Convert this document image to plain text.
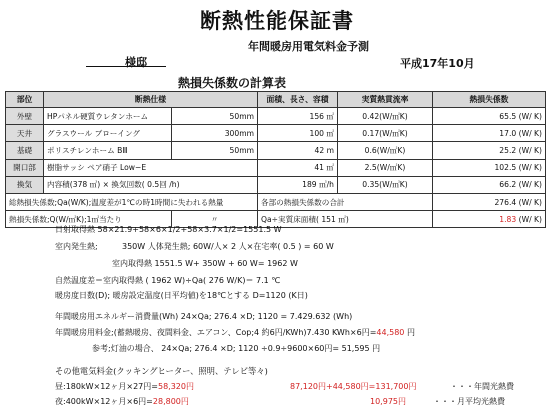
断熱性能保証書
年間暖房用電気料金予測
様邸	平成17年10月
熱損失係数の計算表
部位	断熱仕様		面積、長さ、容積	実質熱貫流率	熱損失係数
外壁	HPパネル硬質ウレタンホーム	50mm	156 ㎡	0.42(W/㎡K)	65.5 (W/ K)
天井	グラスウール ブローイング	300mm	100 ㎡	0.17(W/㎡K)	17.0 (W/ K)
基礎	ポリスチレンホーム BⅢ	50mm	42 m	0.6(W/㎡K)	25.2 (W/ K)
開口部	樹脂サッシ ペア硝子 Low−E		41 ㎡	2.5(W/㎡K)	102.5 (W/ K)
換気	内容積(378 ㎥) × 換気回数( 0.5回 /h)		189 ㎥/h	0.35(W/㎥K)	66.2 (W/ K)
総熱損失係数;Qa(W/K);温度差が1℃の時1時間に失われる熱量			各部の熱損失係数の合計		276.4 (W/ K)
熱損失係数;Q(W/㎡K);1㎡当たり		〃	Qa÷実質床面積( 151 ㎡)		1.83 (W/ K)
日射取得熱 58×21.9+58×6×1/2+58×3.7×1/2=1551.5 W
室内発生熱;	350W 人体発生熱; 60W/人× 2 人×在宅率( 0.5 ) = 60 W
室内取得熱 1551.5 W+ 350W + 60 W= 1962 W
自然温度差＝室内取得熱 ( 1962 W)÷Qa( 276 W/K)＝ 7.1 ℃
暖房度日数(D); 暖房設定温度(日平均値)を18℃とする D=1120 (K日)
年間暖房用エネルギー消費量(Wh) 24×Qa; 276.4 ×D; 1120 = 7.429.632 (Wh)
年間暖房用料金;(蓄熱暖房、夜間料金、エアコン、Cop;4 約6円/KWh)7.430 KWh×6円=44,580 円
参考;灯油の場合、 24×Qa; 276.4 ×D; 1120 ÷0.9÷9600×60円= 51,595 円
その他電気料金(クッキングヒーター、照明、テレビ等々)
昼:180kW×12ヶ月×27円=58,320円
夜:400kW×12ヶ月×6円=28,800円
87,120円+44,580円=131,700円
10,975円
・・・年間光熱費
・・・月平均光熱費
